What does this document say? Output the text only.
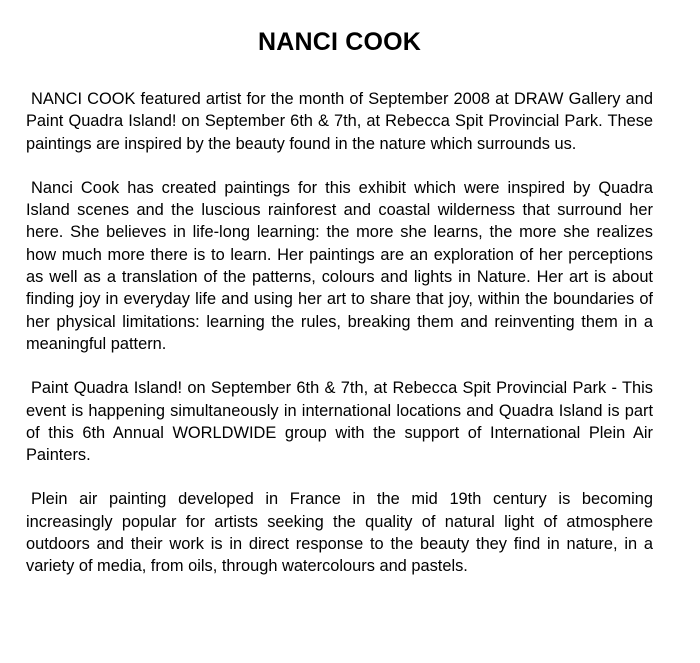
NANCI COOK

NANCI COOK featured artist for the month of September 2008 at DRAW Gallery and Paint Quadra Island! on September 6th & 7th, at Rebecca Spit Provincial Park. These paintings are inspired by the beauty found in the nature which surrounds us.

Nanci Cook has created paintings for this exhibit which were inspired by Quadra Island scenes and the luscious rainforest and coastal wilderness that surround her here. She believes in life-long learning: the more she learns, the more she realizes how much more there is to learn. Her paintings are an exploration of her perceptions as well as a translation of the patterns, colours and lights in Nature. Her art is about finding joy in everyday life and using her art to share that joy, within the boundaries of her physical limitations: learning the rules, breaking them and reinventing them in a meaningful pattern.

Paint Quadra Island! on September 6th & 7th, at Rebecca Spit Provincial Park - This event is happening simultaneously in international locations and Quadra Island is part of this 6th Annual WORLDWIDE group with the support of International Plein Air Painters.

Plein air painting developed in France in the mid 19th century is becoming increasingly popular for artists seeking the quality of natural light of atmosphere outdoors and their work is in direct response to the beauty they find in nature, in a variety of media, from oils, through watercolours and pastels.
